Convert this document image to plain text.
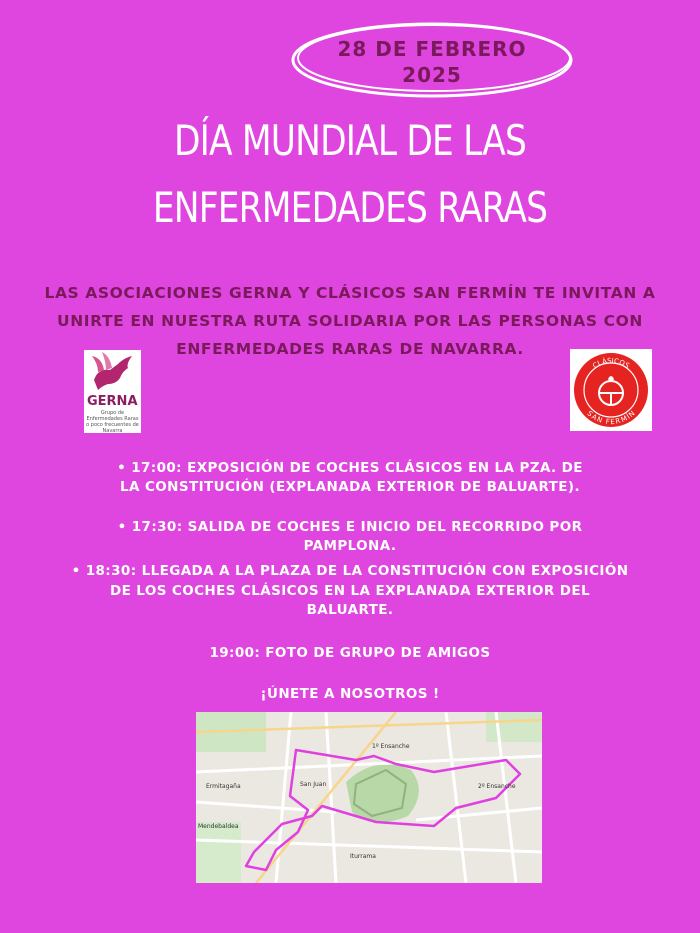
28 DE FEBRERO
2025
DÍA MUNDIAL DE LAS
ENFERMEDADES RARAS
LAS ASOCIACIONES GERNA Y CLÁSICOS SAN FERMÍN TE INVITAN A
UNIRTE EN NUESTRA RUTA SOLIDARIA POR LAS PERSONAS CON
ENFERMEDADES RARAS DE NAVARRA.
GERNA
Grupo de Enfermedades Raras o poco frecuentes de Navarra
CLÁSICOS
SAN FERMÍN
• 17:00: EXPOSICIÓN DE COCHES CLÁSICOS EN LA PZA. DE
LA CONSTITUCIÓN (EXPLANADA EXTERIOR DE BALUARTE).
• 17:30: SALIDA DE COCHES E INICIO DEL RECORRIDO POR PAMPLONA.
• 18:30: LLEGADA A LA PLAZA DE LA CONSTITUCIÓN CON EXPOSICIÓN
DE LOS COCHES CLÁSICOS EN LA EXPLANADA EXTERIOR DEL
BALUARTE.
19:00: FOTO DE GRUPO DE AMIGOS
¡ÚNETE A NOSOTROS !
1º Ensanche
2º Ensanche
San Juan
Ermitagaña
Mendebaldea
Iturrama
